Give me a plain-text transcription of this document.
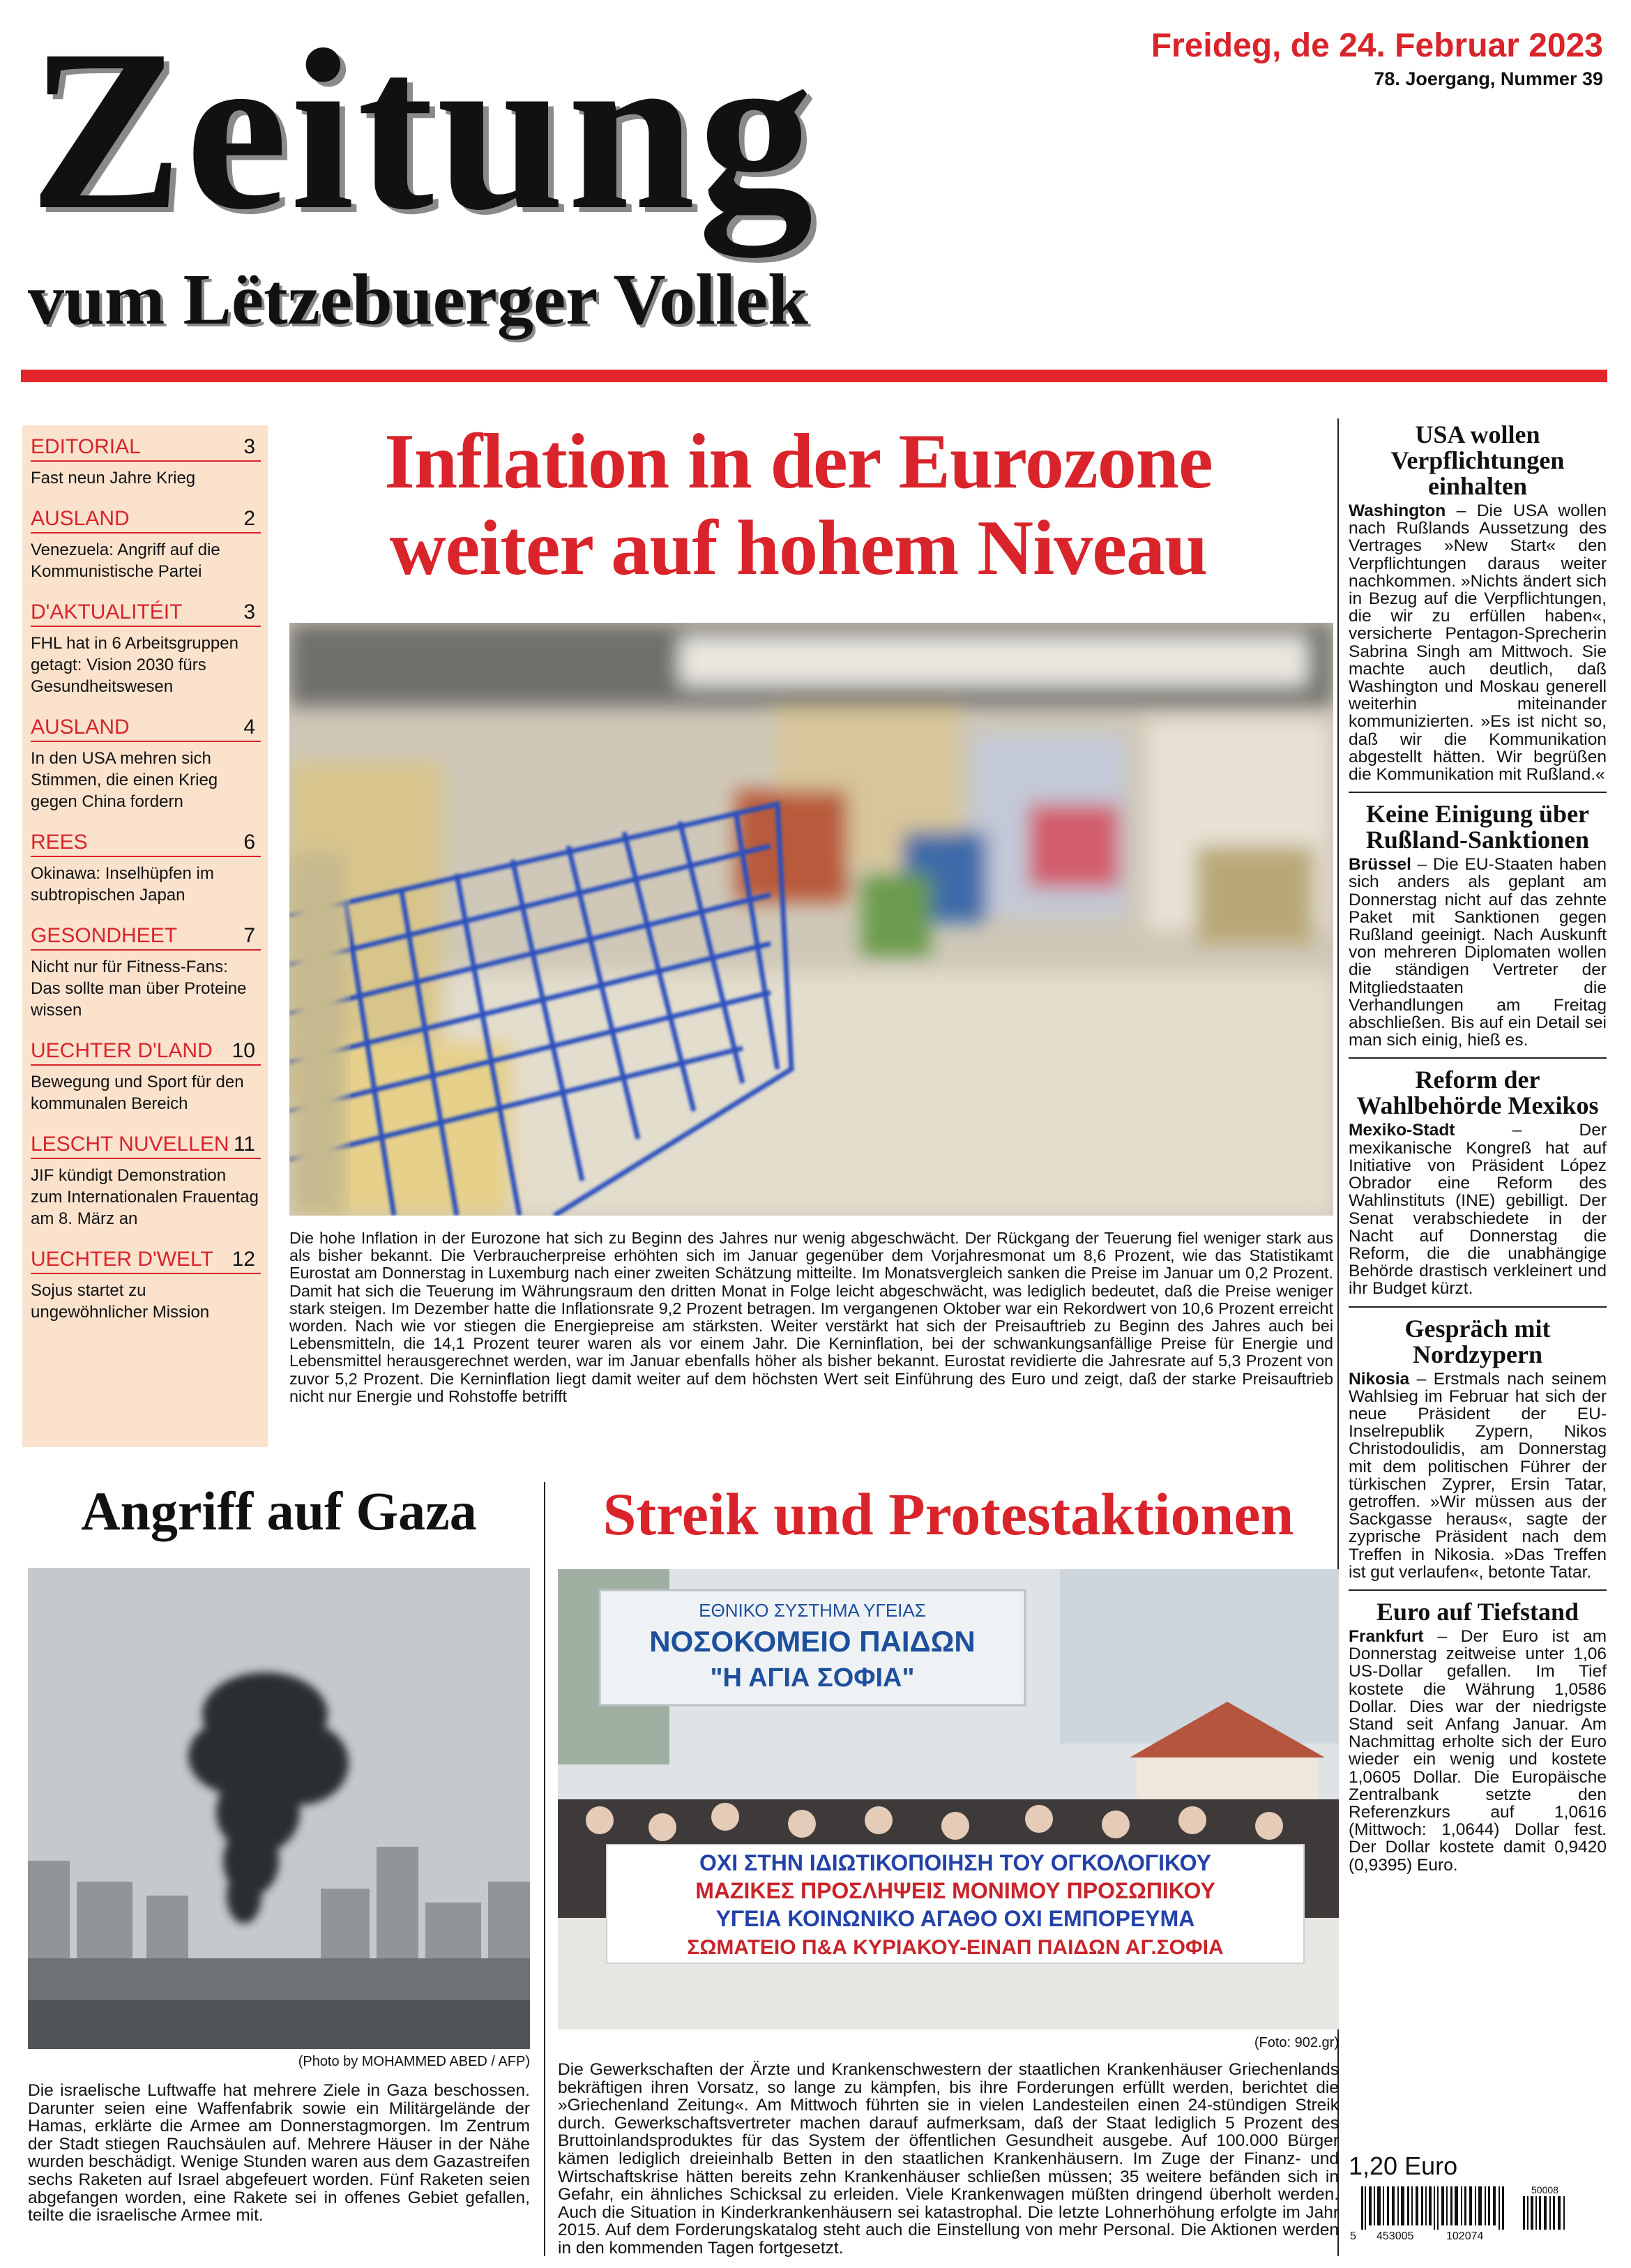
Zeitung
vum Lëtzebuerger Vollek
Freideg, de 24. Februar 2023
78. Joergang, Nummer 39
EDITORIAL	3
Fast neun Jahre Krieg
AUSLAND	2
Venezuela: Angriff auf die Kommunistische Partei
D'AKTUALITÉIT	3
FHL hat in 6 Arbeitsgruppen getagt: Vision 2030 fürs Gesundheitswesen
AUSLAND	4
In den USA mehren sich Stimmen, die einen Krieg gegen China fordern
REES	6
Okinawa: Inselhüpfen im subtropischen Japan
GESONDHEET	7
Nicht nur für Fitness-Fans: Das sollte man über Proteine wissen
UECHTER D'LAND 10
Bewegung und Sport für den kommunalen Bereich
LESCHT NUVELLEN 11
JIF kündigt Demonstration zum Internationalen Frauentag am 8. März an
UECHTER D'WELT 12
Sojus startet zu ungewöhnlicher Mission
Inflation in der Eurozone
weiter auf hohem Niveau
Die hohe Inflation in der Eurozone hat sich zu Beginn des Jahres nur wenig abgeschwächt. Der Rückgang der Teuerung fiel weniger stark aus als bisher bekannt. Die Verbraucherpreise erhöhten sich im Januar gegenüber dem Vorjahresmonat um 8,6 Prozent, wie das Statistikamt Eurostat am Donnerstag in Luxemburg nach einer zweiten Schätzung mitteilte. Im Monatsvergleich sanken die Preise im Januar um 0,2 Prozent. Damit hat sich die Teuerung im Währungsraum den dritten Monat in Folge leicht abgeschwächt, was lediglich bedeutet, daß die Preise weniger stark steigen. Im Dezember hatte die Inflationsrate 9,2 Prozent betragen. Im vergangenen Oktober war ein Rekordwert von 10,6 Prozent erreicht worden. Nach wie vor stiegen die Energiepreise am stärksten. Weiter verstärkt hat sich der Preisauftrieb zu Beginn des Jahres auch bei Lebensmitteln, die 14,1 Prozent teurer waren als vor einem Jahr. Die Kerninflation, bei der schwankungsanfällige Preise für Energie und Lebensmittel herausgerechnet werden, war im Januar ebenfalls höher als bisher bekannt. Eurostat revidierte die Jahresrate auf 5,3 Prozent von zuvor 5,2 Prozent. Die Kerninflation liegt damit weiter auf dem höchsten Wert seit Einführung des Euro und zeigt, daß der starke Preisauftrieb nicht nur Energie und Rohstoffe betrifft
USA wollen Verpflichtungen einhalten
Washington – Die USA wollen nach Rußlands Aussetzung des Vertrages »New Start« den Verpflichtungen daraus weiter nachkommen. »Nichts ändert sich in Bezug auf die Verpflichtungen, die wir zu erfüllen haben«, versicherte Pentagon-Sprecherin Sabrina Singh am Mittwoch. Sie machte auch deutlich, daß Washington und Moskau generell weiterhin miteinander kommunizierten. »Es ist nicht so, daß wir die Kommunikation abgestellt hätten. Wir begrüßen die Kommunikation mit Rußland.«
Keine Einigung über Rußland-Sanktionen
Brüssel – Die EU-Staaten haben sich anders als geplant am Donnerstag nicht auf das zehnte Paket mit Sanktionen gegen Rußland geeinigt. Nach Auskunft von mehreren Diplomaten wollen die ständigen Vertreter der Mitgliedstaaten die Verhandlungen am Freitag abschließen. Bis auf ein Detail sei man sich einig, hieß es.
Reform der Wahlbehörde Mexikos
Mexiko-Stadt – Der mexikanische Kongreß hat auf Initiative von Präsident López Obrador eine Reform des Wahlinstituts (INE) gebilligt. Der Senat verabschiedete in der Nacht auf Donnerstag die Reform, die die unabhängige Behörde drastisch verkleinert und ihr Budget kürzt.
Gespräch mit Nordzypern
Nikosia – Erstmals nach seinem Wahlsieg im Februar hat sich der neue Präsident der EU-Inselrepublik Zypern, Nikos Christodoulidis, am Donnerstag mit dem politischen Führer der türkischen Zyprer, Ersin Tatar, getroffen. »Wir müssen aus der Sackgasse heraus«, sagte der zyprische Präsident nach dem Treffen in Nikosia. »Das Treffen ist gut verlaufen«, betonte Tatar.
Euro auf Tiefstand
Frankfurt – Der Euro ist am Donnerstag zeitweise unter 1,06 US-Dollar gefallen. Im Tief kostete die Währung 1,0586 Dollar. Dies war der niedrigste Stand seit Anfang Januar. Am Nachmittag erholte sich der Euro wieder ein wenig und kostete 1,0605 Dollar. Die Europäische Zentralbank setzte den Referenzkurs auf 1,0616 (Mittwoch: 1,0644) Dollar fest. Der Dollar kostete damit 0,9420 (0,9395) Euro.
Angriff auf Gaza
(Photo by MOHAMMED ABED / AFP)
Die israelische Luftwaffe hat mehrere Ziele in Gaza beschossen. Darunter seien eine Waffenfabrik sowie ein Militärgelände der Hamas, erklärte die Armee am Donnerstagmorgen. Im Zentrum der Stadt stiegen Rauchsäulen auf. Mehrere Häuser in der Nähe wurden beschädigt. Wenige Stunden waren aus dem Gazastreifen sechs Raketen auf Israel abgefeuert worden. Fünf Raketen seien abgefangen worden, eine Rakete sei in offenes Gebiet gefallen, teilte die israelische Armee mit.
Streik und Protestaktionen
ΕΘΝΙΚΟ ΣΥΣΤΗΜΑ ΥΓΕΙΑΣ
ΝΟΣΟΚΟΜΕΙΟ ΠΑΙΔΩΝ
"Η ΑΓΙΑ ΣΟΦΙΑ"
ΟΧΙ ΣΤΗΝ ΙΔΙΩΤΙΚΟΠΟΙΗΣΗ ΤΟΥ ΟΓΚΟΛΟΓΙΚΟΥ
ΜΑΖΙΚΕΣ ΠΡΟΣΛΗΨΕΙΣ ΜΟΝΙΜΟΥ ΠΡΟΣΩΠΙΚΟΥ
ΥΓΕΙΑ ΚΟΙΝΩΝΙΚΟ ΑΓΑΘΟ ΟΧΙ ΕΜΠΟΡΕΥΜΑ
ΣΩΜΑΤΕΙΟ Π&Α ΚΥΡΙΑΚΟΥ-ΕΙΝΑΠ ΠΑΙΔΩΝ ΑΓ.ΣΟΦΙΑ
(Foto: 902.gr)
Die Gewerkschaften der Ärzte und Krankenschwestern der staatlichen Krankenhäuser Griechenlands bekräftigen ihren Vorsatz, so lange zu kämpfen, bis ihre Forderungen erfüllt werden, berichtet die »Griechenland Zeitung«. Am Mittwoch führten sie in vielen Landesteilen einen 24-stündigen Streik durch. Gewerkschaftsvertreter machen darauf aufmerksam, daß der Staat lediglich 5 Prozent des Bruttoinlandsproduktes für das System der öffentlichen Gesundheit ausgebe. Auf 100.000 Bürger kämen lediglich dreieinhalb Betten in den staatlichen Krankenhäusern. Im Zuge der Finanz- und Wirtschaftskrise hätten bereits zehn Krankenhäuser schließen müssen; 35 weitere befänden sich in Gefahr, ein ähnliches Schicksal zu erleiden. Viele Krankenwagen müßten dringend überholt werden. Auch die Situation in Kinderkrankenhäusern sei katastrophal. Die letzte Lohnerhöhung erfolgte im Jahr 2015. Auf dem Forderungskatalog steht auch die Einstellung von mehr Personal. Die Aktionen werden in den kommenden Tagen fortgesetzt.
1,20 Euro
50008
5 453005	102074
